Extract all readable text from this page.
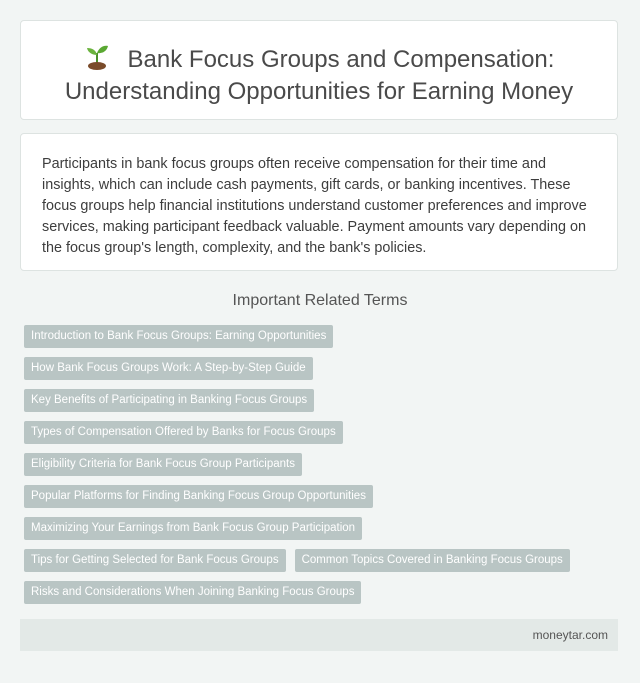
Bank Focus Groups and Compensation:
Understanding Opportunities for Earning Money

Participants in bank focus groups often receive compensation for their time and insights, which can include cash payments, gift cards, or banking incentives. These focus groups help financial institutions understand customer preferences and improve services, making participant feedback valuable. Payment amounts vary depending on the focus group's length, complexity, and the bank's policies.

Important Related Terms
Introduction to Bank Focus Groups: Earning Opportunities
How Bank Focus Groups Work: A Step-by-Step Guide
Key Benefits of Participating in Banking Focus Groups
Types of Compensation Offered by Banks for Focus Groups
Eligibility Criteria for Bank Focus Group Participants
Popular Platforms for Finding Banking Focus Group Opportunities
Maximizing Your Earnings from Bank Focus Group Participation
Tips for Getting Selected for Bank Focus Groups	Common Topics Covered in Banking Focus Groups
Risks and Considerations When Joining Banking Focus Groups
moneytar.com
